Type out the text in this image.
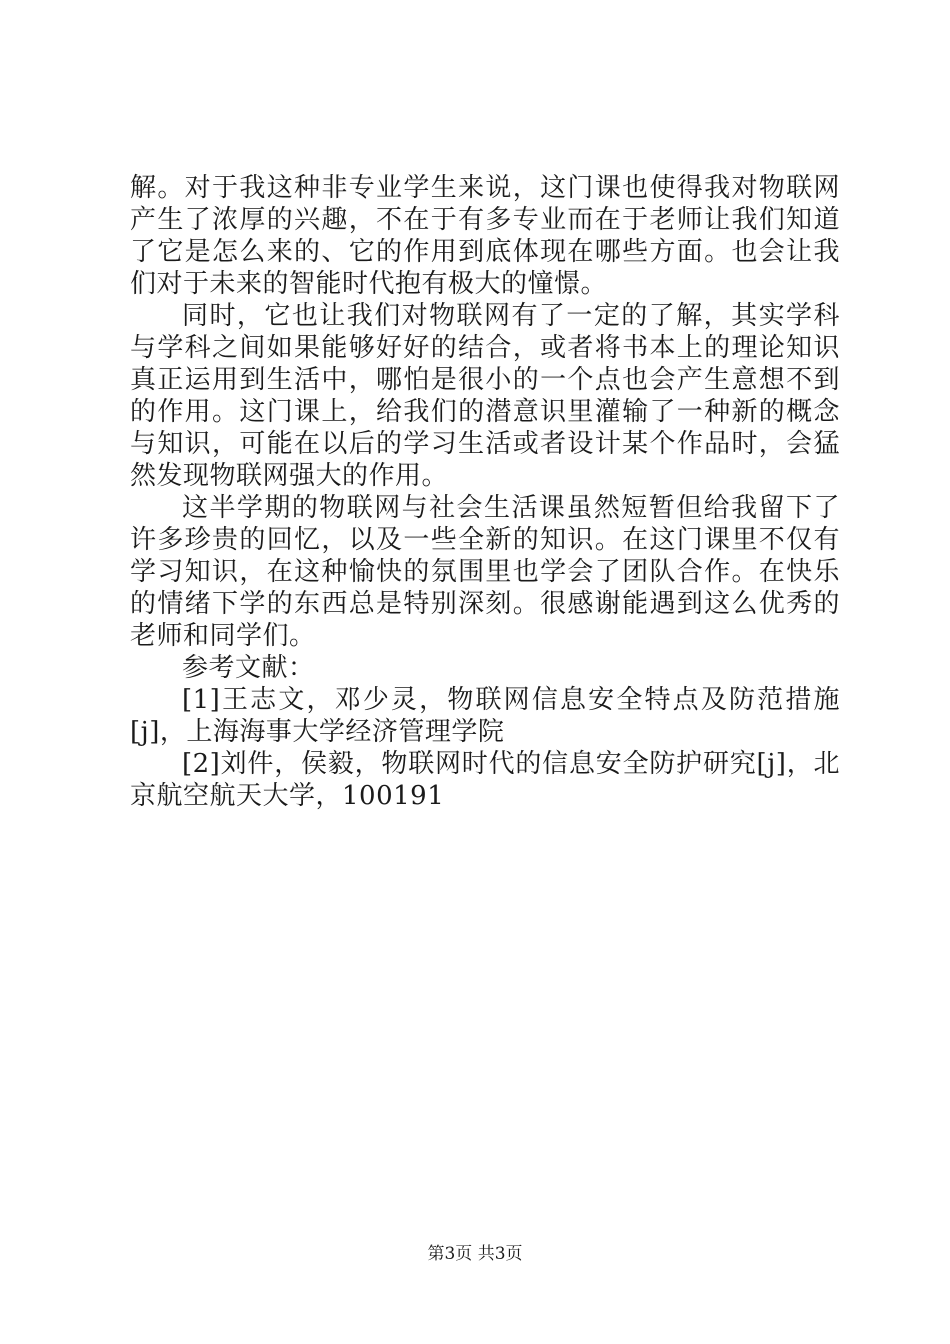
解。对于我这种非专业学生来说，这门课也使得我对物联网产生了浓厚的兴趣，不在于有多专业而在于老师让我们知道了它是怎么来的、它的作用到底体现在哪些方面。也会让我们对于未来的智能时代抱有极大的憧憬。

同时，它也让我们对物联网有了一定的了解，其实学科与学科之间如果能够好好的结合，或者将书本上的理论知识真正运用到生活中，哪怕是很小的一个点也会产生意想不到的作用。这门课上，给我们的潜意识里灌输了一种新的概念与知识，可能在以后的学习生活或者设计某个作品时，会猛然发现物联网强大的作用。

这半学期的物联网与社会生活课虽然短暂但给我留下了许多珍贵的回忆，以及一些全新的知识。在这门课里不仅有学习知识，在这种愉快的氛围里也学会了团队合作。在快乐的情绪下学的东西总是特别深刻。很感谢能遇到这么优秀的老师和同学们。

参考文献：

[1]王志文，邓少灵，物联网信息安全特点及防范措施[j]，上海海事大学经济管理学院

[2]刘件，侯毅，物联网时代的信息安全防护研究[j]，北京航空航天大学，100191

第3页 共3页
